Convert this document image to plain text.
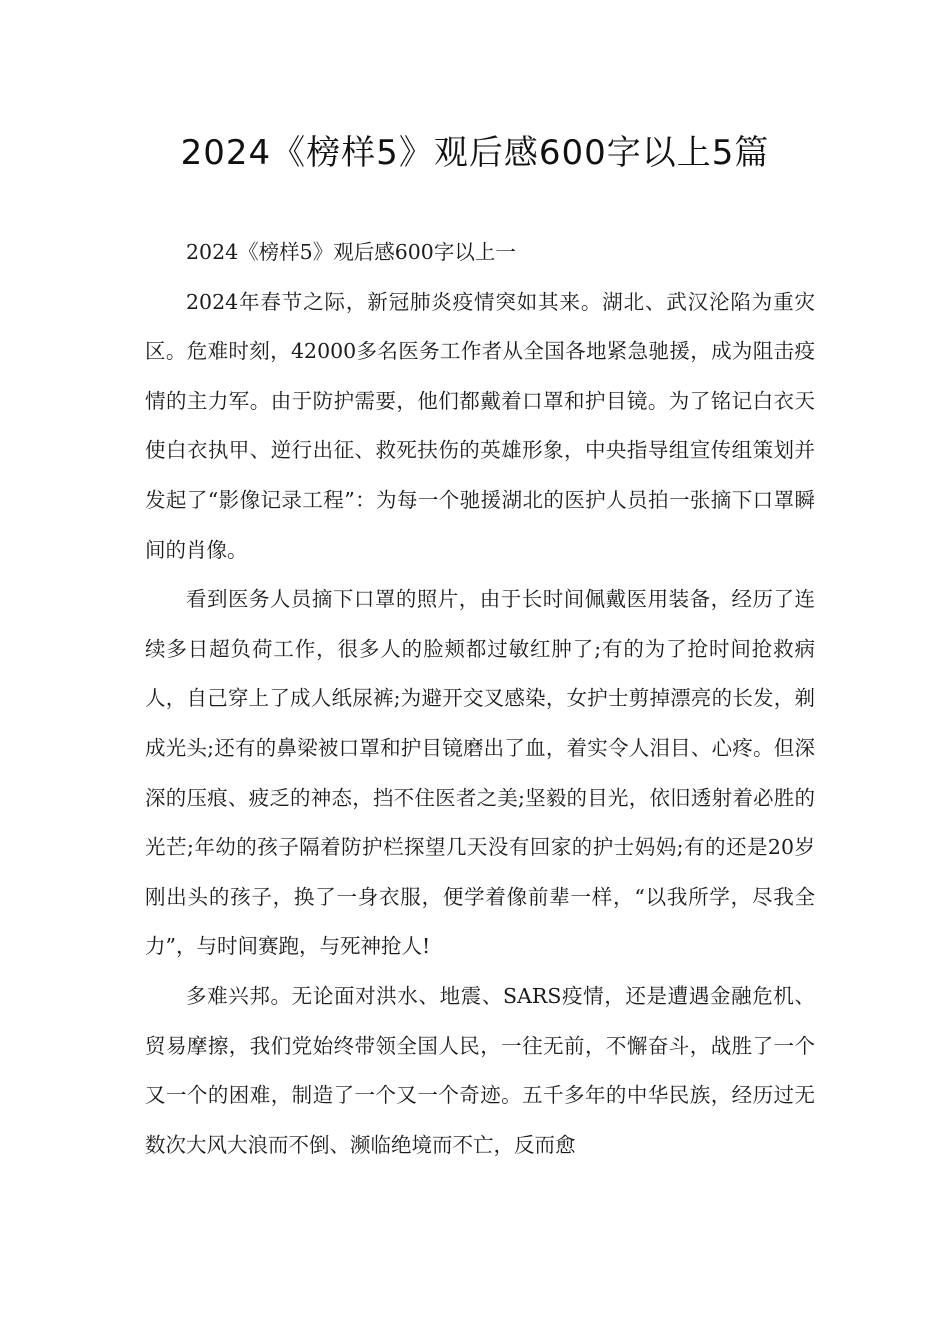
2024《榜样5》观后感600字以上5篇

2024《榜样5》观后感600字以上一

2024年春节之际，新冠肺炎疫情突如其来。湖北、武汉沦陷为重灾区。危难时刻，42000多名医务工作者从全国各地紧急驰援，成为阻击疫情的主力军。由于防护需要，他们都戴着口罩和护目镜。为了铭记白衣天使白衣执甲、逆行出征、救死扶伤的英雄形象，中央指导组宣传组策划并发起了“影像记录工程”：为每一个驰援湖北的医护人员拍一张摘下口罩瞬间的肖像。

看到医务人员摘下口罩的照片，由于长时间佩戴医用装备，经历了连续多日超负荷工作，很多人的脸颊都过敏红肿了;有的为了抢时间抢救病人，自己穿上了成人纸尿裤;为避开交叉感染，女护士剪掉漂亮的长发，剃成光头;还有的鼻梁被口罩和护目镜磨出了血，着实令人泪目、心疼。但深深的压痕、疲乏的神态，挡不住医者之美;坚毅的目光，依旧透射着必胜的光芒;年幼的孩子隔着防护栏探望几天没有回家的护士妈妈;有的还是20岁刚出头的孩子，换了一身衣服，便学着像前辈一样，“以我所学，尽我全力”，与时间赛跑，与死神抢人!

多难兴邦。无论面对洪水、地震、SARS疫情，还是遭遇金融危机、贸易摩擦，我们党始终带领全国人民，一往无前，不懈奋斗，战胜了一个又一个的困难，制造了一个又一个奇迹。五千多年的中华民族，经历过无数次大风大浪而不倒、濒临绝境而不亡，反而愈
